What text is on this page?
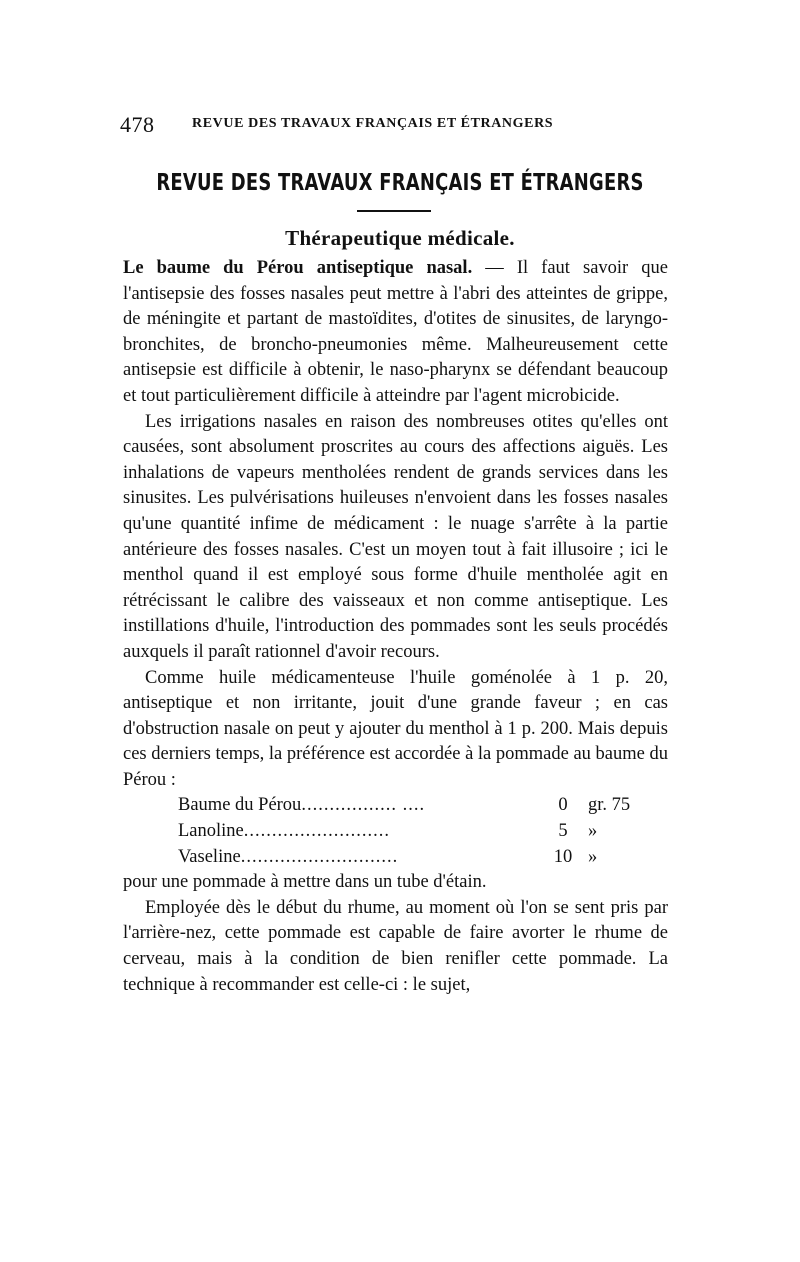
478	REVUE DES TRAVAUX FRANÇAIS ET ÉTRANGERS
REVUE DES TRAVAUX FRANÇAIS ET ÉTRANGERS
Thérapeutique médicale.

Le baume du Pérou antiseptique nasal. — Il faut savoir que l'antisepsie des fosses nasales peut mettre à l'abri des atteintes de grippe, de méningite et partant de mastoïdites, d'otites de sinusites, de laryngo-bronchites, de broncho-pneumonies même. Malheureusement cette antisepsie est difficile à obtenir, le naso-pharynx se défendant beaucoup et tout particulièrement difficile à atteindre par l'agent microbicide.

Les irrigations nasales en raison des nombreuses otites qu'elles ont causées, sont absolument proscrites au cours des affections aiguës. Les inhalations de vapeurs mentholées rendent de grands services dans les sinusites. Les pulvérisations huileuses n'envoient dans les fosses nasales qu'une quantité infime de médicament : le nuage s'arrête à la partie antérieure des fosses nasales. C'est un moyen tout à fait illusoire ; ici le menthol quand il est employé sous forme d'huile mentholée agit en rétrécissant le calibre des vaisseaux et non comme antiseptique. Les instillations d'huile, l'introduction des pommades sont les seuls procédés auxquels il paraît rationnel d'avoir recours.

Comme huile médicamenteuse l'huile goménolée à 1 p. 20, antiseptique et non irritante, jouit d'une grande faveur ; en cas d'obstruction nasale on peut y ajouter du menthol à 1 p. 200. Mais depuis ces derniers temps, la préférence est accordée à la pommade au baume du Pérou :

Baume du Pérou................. ....	0	gr. 75
Lanoline..........................	5	»
Vaseline............................	10 »

pour une pommade à mettre dans un tube d'étain.

Employée dès le début du rhume, au moment où l'on se sent pris par l'arrière-nez, cette pommade est capable de faire avorter le rhume de cerveau, mais à la condition de bien renifler cette pommade. La technique à recommander est celle-ci : le sujet,
